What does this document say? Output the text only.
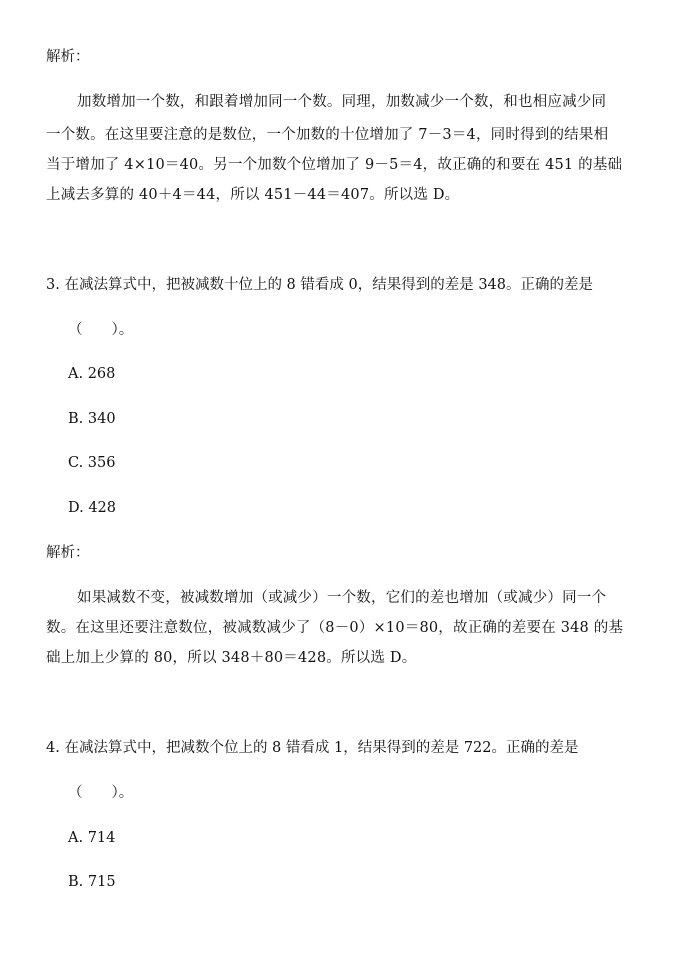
解析：
加数增加一个数，和跟着增加同一个数。同理，加数减少一个数，和也相应减少同
一个数。在这里要注意的是数位，一个加数的十位增加了 7－3＝4，同时得到的结果相
当于增加了 4×10＝40。另一个加数个位增加了 9－5＝4，故正确的和要在 451 的基础
上减去多算的 40＋4＝44，所以 451－44＝407。所以选 D。
3. 在减法算式中，把被减数十位上的 8 错看成 0，结果得到的差是 348。正确的差是
（　　）。
A. 268
B. 340
C. 356
D. 428
解析：
如果减数不变，被减数增加（或减少）一个数，它们的差也增加（或减少）同一个
数。在这里还要注意数位，被减数减少了（8－0）×10＝80，故正确的差要在 348 的基
础上加上少算的 80，所以 348＋80＝428。所以选 D。
4. 在减法算式中，把减数个位上的 8 错看成 1，结果得到的差是 722。正确的差是
（　　）。
A. 714
B. 715
